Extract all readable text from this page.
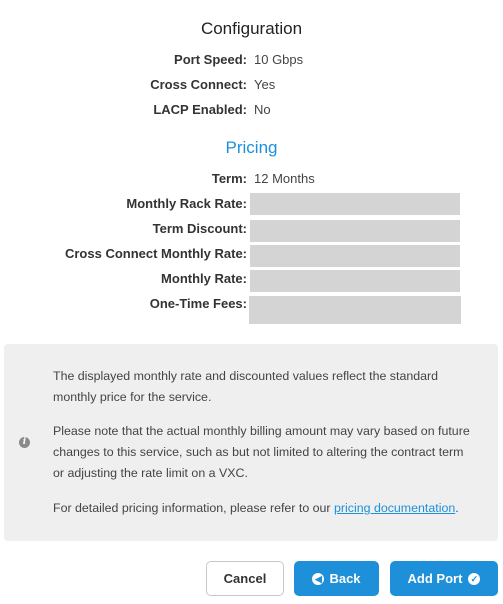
Configuration
Port Speed: 10 Gbps
Cross Connect: Yes
LACP Enabled: No
Pricing
Term: 12 Months
Monthly Rack Rate:
Term Discount:
Cross Connect Monthly Rate:
Monthly Rate:
One-Time Fees:
i
The displayed monthly rate and discounted values reflect the standard monthly price for the service.
Please note that the actual monthly billing amount may vary based on future changes to this service, such as but not limited to altering the contract term or adjusting the rate limit on a VXC.
For detailed pricing information, please refer to our pricing documentation.
Cancel	◀ Back	Add Port ✓
